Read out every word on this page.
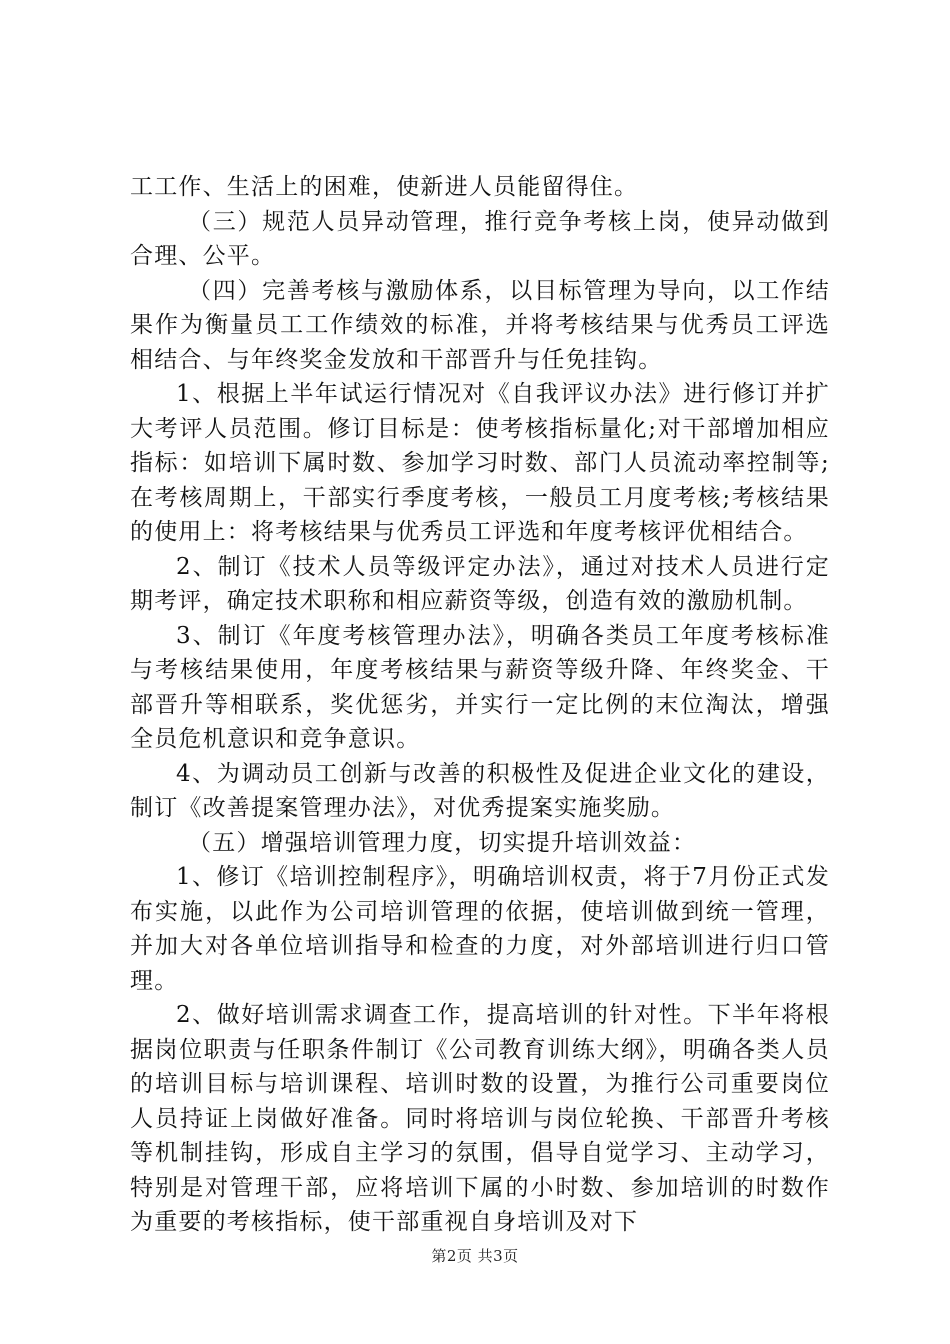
工工作、生活上的困难，使新进人员能留得住。

（三）规范人员异动管理，推行竞争考核上岗，使异动做到合理、公平。

（四）完善考核与激励体系，以目标管理为导向，以工作结果作为衡量员工工作绩效的标准，并将考核结果与优秀员工评选相结合、与年终奖金发放和干部晋升与任免挂钩。

1、根据上半年试运行情况对《自我评议办法》进行修订并扩大考评人员范围。修订目标是：使考核指标量化;对干部增加相应指标：如培训下属时数、参加学习时数、部门人员流动率控制等;在考核周期上，干部实行季度考核，一般员工月度考核;考核结果的使用上：将考核结果与优秀员工评选和年度考核评优相结合。

2、制订《技术人员等级评定办法》，通过对技术人员进行定期考评，确定技术职称和相应薪资等级，创造有效的激励机制。

3、制订《年度考核管理办法》，明确各类员工年度考核标准与考核结果使用，年度考核结果与薪资等级升降、年终奖金、干部晋升等相联系，奖优惩劣，并实行一定比例的末位淘汰，增强全员危机意识和竞争意识。

4、为调动员工创新与改善的积极性及促进企业文化的建设，制订《改善提案管理办法》，对优秀提案实施奖励。

（五）增强培训管理力度，切实提升培训效益：

1、修订《培训控制程序》，明确培训权责，将于7月份正式发布实施，以此作为公司培训管理的依据，使培训做到统一管理，并加大对各单位培训指导和检查的力度，对外部培训进行归口管理。

2、做好培训需求调查工作，提高培训的针对性。下半年将根据岗位职责与任职条件制订《公司教育训练大纲》，明确各类人员的培训目标与培训课程、培训时数的设置，为推行公司重要岗位人员持证上岗做好准备。同时将培训与岗位轮换、干部晋升考核等机制挂钩，形成自主学习的氛围，倡导自觉学习、主动学习，特别是对管理干部，应将培训下属的小时数、参加培训的时数作为重要的考核指标，使干部重视自身培训及对下

第2页 共3页
